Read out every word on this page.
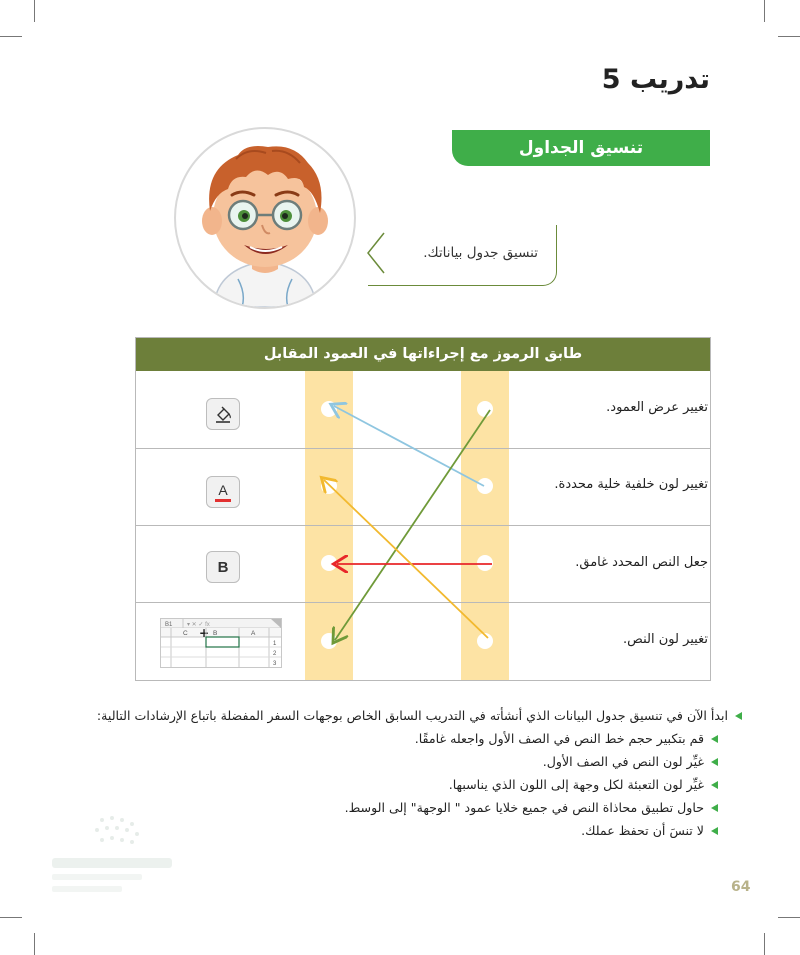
تدريب 5
تنسيق الجداول
تنسيق جدول بياناتك.
طابق الرموز مع إجراءاتها في العمود المقابل
تغيير عرض العمود.
تغيير لون خلفية خلية محددة.
جعل النص المحدد غامق.
تغيير لون النص.
A
B
B1 ▾ ✕ ✓ fx
C	B	A
+
1
2
3
ابدأ الآن في تنسيق جدول البيانات الذي أنشأته في التدريب السابق الخاص بوجهات السفر المفضلة باتباع الإرشادات التالية:
قم بتكبير حجم خط النص في الصف الأول واجعله غامقًا.
غيِّر لون النص في الصف الأول.
غيِّر لون التعبئة لكل وجهة إلى اللون الذي يناسبها.
حاول تطبيق محاذاة النص في جميع خلايا عمود " الوجهة" إلى الوسط.
لا تنسَ أن تحفظ عملك.
64
